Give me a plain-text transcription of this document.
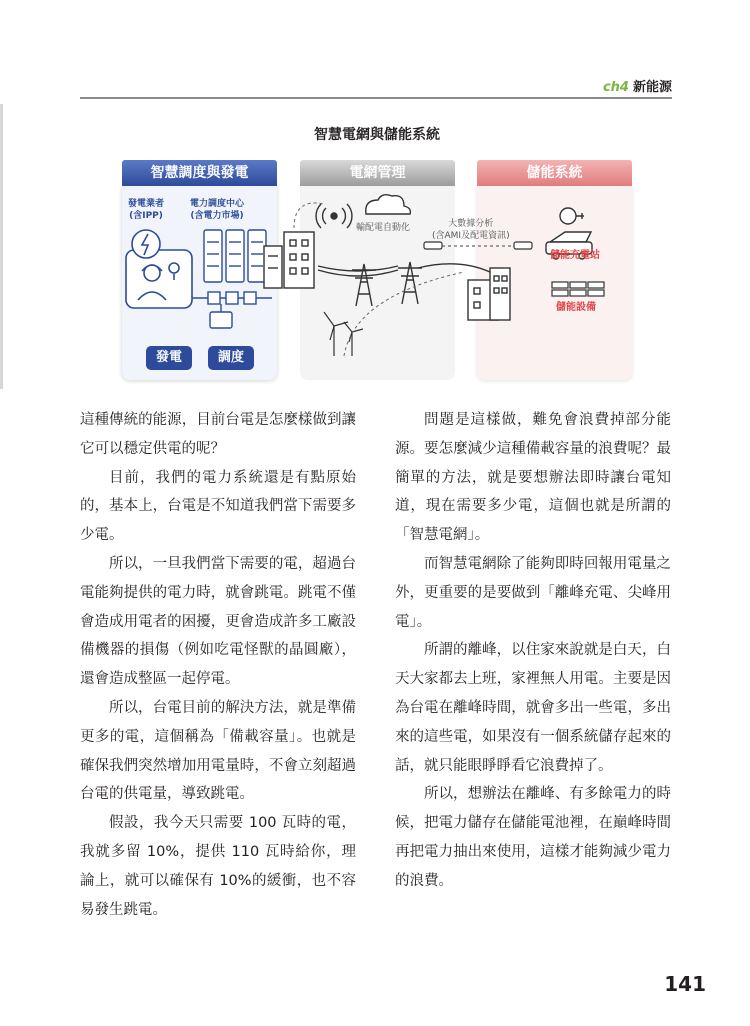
ch4 新能源
智慧電網與儲能系統
智慧調度與發電	電網管理	儲能系統
發電業者
(含IPP)
電力調度中心
(含電力市場)
輸配電自動化	大數據分析
(含AMI及配電資訊)
儲能充電站
儲能設備
發電	調度

這種傳統的能源，目前台電是怎麼樣做到讓它可以穩定供電的呢？

目前，我們的電力系統還是有點原始的，基本上，台電是不知道我們當下需要多少電。

所以，一旦我們當下需要的電，超過台電能夠提供的電力時，就會跳電。跳電不僅會造成用電者的困擾，更會造成許多工廠設備機器的損傷（例如吃電怪獸的晶圓廠），還會造成整區一起停電。

所以，台電目前的解決方法，就是準備更多的電，這個稱為「備載容量」。也就是確保我們突然增加用電量時，不會立刻超過台電的供電量，導致跳電。

假設，我今天只需要 100 瓦時的電，我就多留 10%，提供 110 瓦時給你，理論上，就可以確保有 10%的緩衝，也不容易發生跳電。

問題是這樣做，難免會浪費掉部分能源。要怎麼減少這種備載容量的浪費呢？最簡單的方法，就是要想辦法即時讓台電知道，現在需要多少電，這個也就是所謂的「智慧電網」。

而智慧電網除了能夠即時回報用電量之外，更重要的是要做到「離峰充電、尖峰用電」。

所謂的離峰，以住家來說就是白天，白天大家都去上班，家裡無人用電。主要是因為台電在離峰時間，就會多出一些電，多出來的這些電，如果沒有一個系統儲存起來的話，就只能眼睜睜看它浪費掉了。

所以，想辦法在離峰、有多餘電力的時候，把電力儲存在儲能電池裡，在巔峰時間再把電力抽出來使用，這樣才能夠減少電力的浪費。

141
